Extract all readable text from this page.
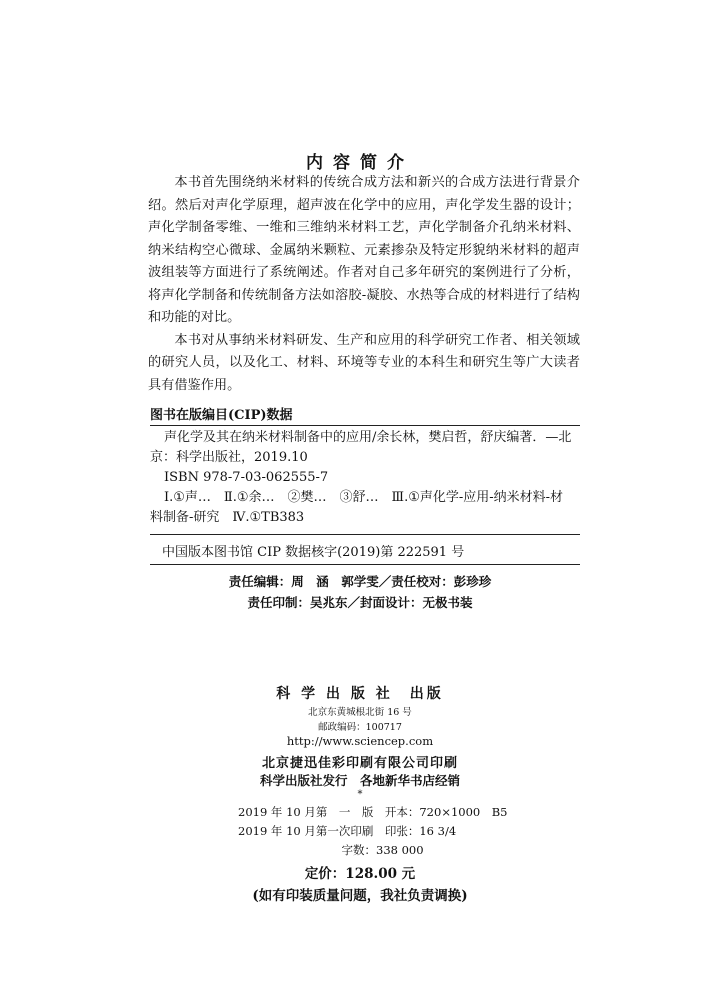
内容简介

本书首先围绕纳米材料的传统合成方法和新兴的合成方法进行背景介绍。然后对声化学原理，超声波在化学中的应用，声化学发生器的设计；声化学制备零维、一维和三维纳米材料工艺，声化学制备介孔纳米材料、纳米结构空心微球、金属纳米颗粒、元素掺杂及特定形貌纳米材料的超声波组装等方面进行了系统阐述。作者对自己多年研究的案例进行了分析，将声化学制备和传统制备方法如溶胶-凝胶、水热等合成的材料进行了结构和功能的对比。

本书对从事纳米材料研发、生产和应用的科学研究工作者、相关领域的研究人员，以及化工、材料、环境等专业的本科生和研究生等广大读者具有借鉴作用。

图书在版编目(CIP)数据
声化学及其在纳米材料制备中的应用/余长林，樊启哲，舒庆编著．—北
京：科学出版社，2019.10
ISBN 978-7-03-062555-7
Ⅰ.①声…　Ⅱ.①余…　②樊…　③舒…　Ⅲ.①声化学-应用-纳米材料-材
料制备-研究　Ⅳ.①TB383
中国版本图书馆 CIP 数据核字(2019)第 222591 号
责任编辑：周　涵　郭学雯／责任校对：彭珍珍
责任印制：吴兆东／封面设计：无极书装
科 学 出 版 社　出版
北京东黄城根北街 16 号
邮政编码：100717
http://www.sciencep.com
北京捷迅佳彩印刷有限公司印刷
科学出版社发行　各地新华书店经销
*
2019 年 10 月第　一　版　开本：720×1000　B5
2019 年 10 月第一次印刷　印张：16 3/4
　　　　　　　　　字数：338 000
定价：128.00 元
(如有印装质量问题，我社负责调换)
